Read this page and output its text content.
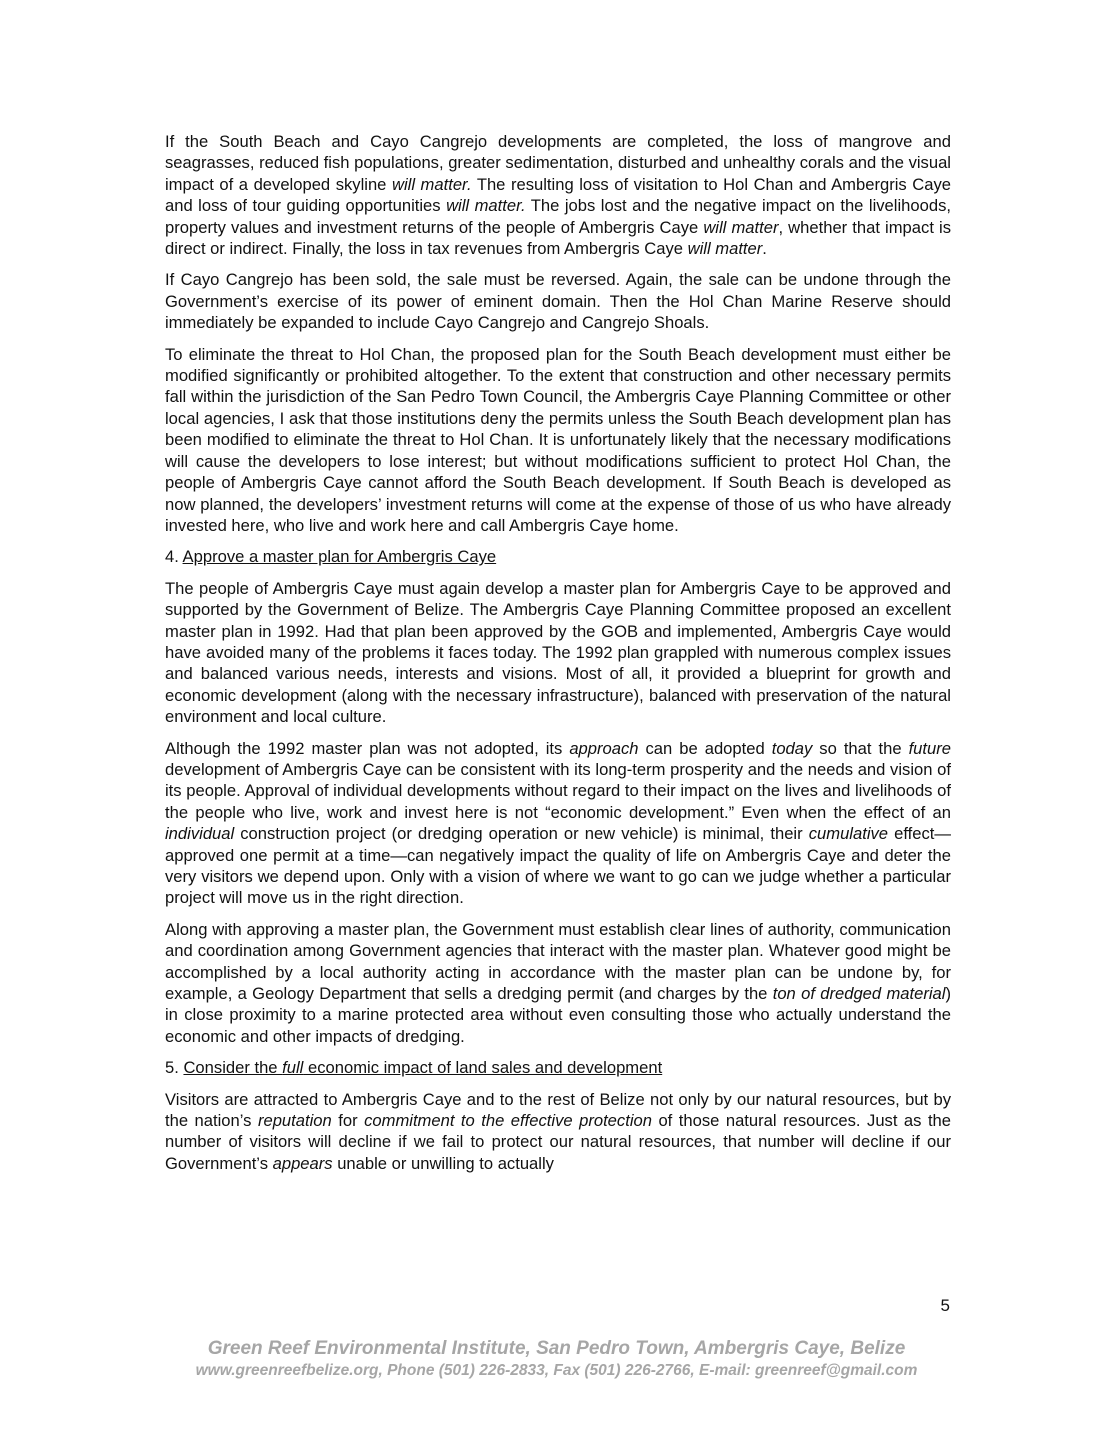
If the South Beach and Cayo Cangrejo developments are completed, the loss of mangrove and seagrasses, reduced fish populations, greater sedimentation, disturbed and unhealthy corals and the visual impact of a developed skyline will matter. The resulting loss of visitation to Hol Chan and Ambergris Caye and loss of tour guiding opportunities will matter. The jobs lost and the negative impact on the livelihoods, property values and investment returns of the people of Ambergris Caye will matter, whether that impact is direct or indirect. Finally, the loss in tax revenues from Ambergris Caye will matter.

If Cayo Cangrejo has been sold, the sale must be reversed. Again, the sale can be undone through the Government’s exercise of its power of eminent domain. Then the Hol Chan Marine Reserve should immediately be expanded to include Cayo Cangrejo and Cangrejo Shoals.

To eliminate the threat to Hol Chan, the proposed plan for the South Beach development must either be modified significantly or prohibited altogether. To the extent that construction and other necessary permits fall within the jurisdiction of the San Pedro Town Council, the Ambergris Caye Planning Committee or other local agencies, I ask that those institutions deny the permits unless the South Beach development plan has been modified to eliminate the threat to Hol Chan. It is unfortunately likely that the necessary modifications will cause the developers to lose interest; but without modifications sufficient to protect Hol Chan, the people of Ambergris Caye cannot afford the South Beach development. If South Beach is developed as now planned, the developers’ investment returns will come at the expense of those of us who have already invested here, who live and work here and call Ambergris Caye home.

4. Approve a master plan for Ambergris Caye

The people of Ambergris Caye must again develop a master plan for Ambergris Caye to be approved and supported by the Government of Belize. The Ambergris Caye Planning Committee proposed an excellent master plan in 1992. Had that plan been approved by the GOB and implemented, Ambergris Caye would have avoided many of the problems it faces today. The 1992 plan grappled with numerous complex issues and balanced various needs, interests and visions. Most of all, it provided a blueprint for growth and economic development (along with the necessary infrastructure), balanced with preservation of the natural environment and local culture.

Although the 1992 master plan was not adopted, its approach can be adopted today so that the future development of Ambergris Caye can be consistent with its long-term prosperity and the needs and vision of its people. Approval of individual developments without regard to their impact on the lives and livelihoods of the people who live, work and invest here is not “economic development.” Even when the effect of an individual construction project (or dredging operation or new vehicle) is minimal, their cumulative effect—approved one permit at a time—can negatively impact the quality of life on Ambergris Caye and deter the very visitors we depend upon. Only with a vision of where we want to go can we judge whether a particular project will move us in the right direction.

Along with approving a master plan, the Government must establish clear lines of authority, communication and coordination among Government agencies that interact with the master plan. Whatever good might be accomplished by a local authority acting in accordance with the master plan can be undone by, for example, a Geology Department that sells a dredging permit (and charges by the ton of dredged material) in close proximity to a marine protected area without even consulting those who actually understand the economic and other impacts of dredging.

5. Consider the full economic impact of land sales and development

Visitors are attracted to Ambergris Caye and to the rest of Belize not only by our natural resources, but by the nation’s reputation for commitment to the effective protection of those natural resources. Just as the number of visitors will decline if we fail to protect our natural resources, that number will decline if our Government’s appears unable or unwilling to actually

5
Green Reef Environmental Institute, San Pedro Town, Ambergris Caye, Belize
www.greenreefbelize.org, Phone (501) 226-2833, Fax (501) 226-2766, E-mail: greenreef@gmail.com
